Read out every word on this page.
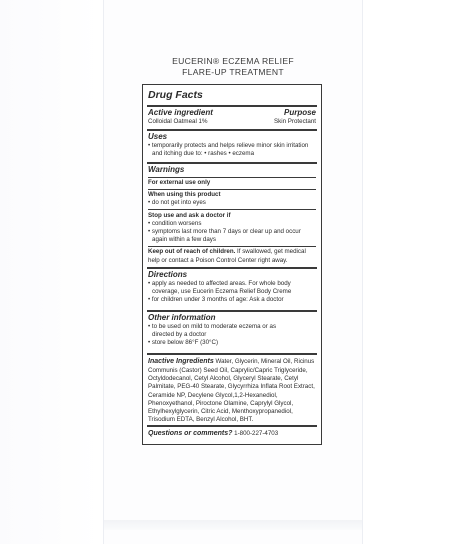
EUCERIN® ECZEMA RELIEF
FLARE-UP TREATMENT
Drug Facts
Active ingredient	Purpose
Colloidal Oatmeal 1%	Skin Protectant
Uses
• temporarily protects and helps relieve minor skin irritation
and itching due to: • rashes • eczema
Warnings
For external use only
When using this product
• do not get into eyes
Stop use and ask a doctor if
• condition worsens
• symptoms last more than 7 days or clear up and occur
again within a few days
Keep out of reach of children. If swallowed, get medical
help or contact a Poison Control Center right away.
Directions
• apply as needed to affected areas. For whole body
coverage, use Eucerin Eczema Relief Body Creme
• for children under 3 months of age: Ask a doctor
Other information
• to be used on mild to moderate eczema or as
directed by a doctor
• store below 86°F (30°C)
Inactive Ingredients Water, Glycerin, Mineral Oil, Ricinus
Communis (Castor) Seed Oil, Caprylic/Capric Triglyceride,
Octyldodecanol, Cetyl Alcohol, Glyceryl Stearate, Cetyl
Palmitate, PEG-40 Stearate, Glycyrrhiza Inflata Root Extract,
Ceramide NP, Decylene Glycol,1,2-Hexanediol,
Phenoxyethanol, Piroctone Olamine, Caprylyl Glycol,
Ethylhexylglycerin, Citric Acid, Menthoxypropanediol,
Trisodium EDTA, Benzyl Alcohol, BHT.
Questions or comments? 1-800-227-4703
